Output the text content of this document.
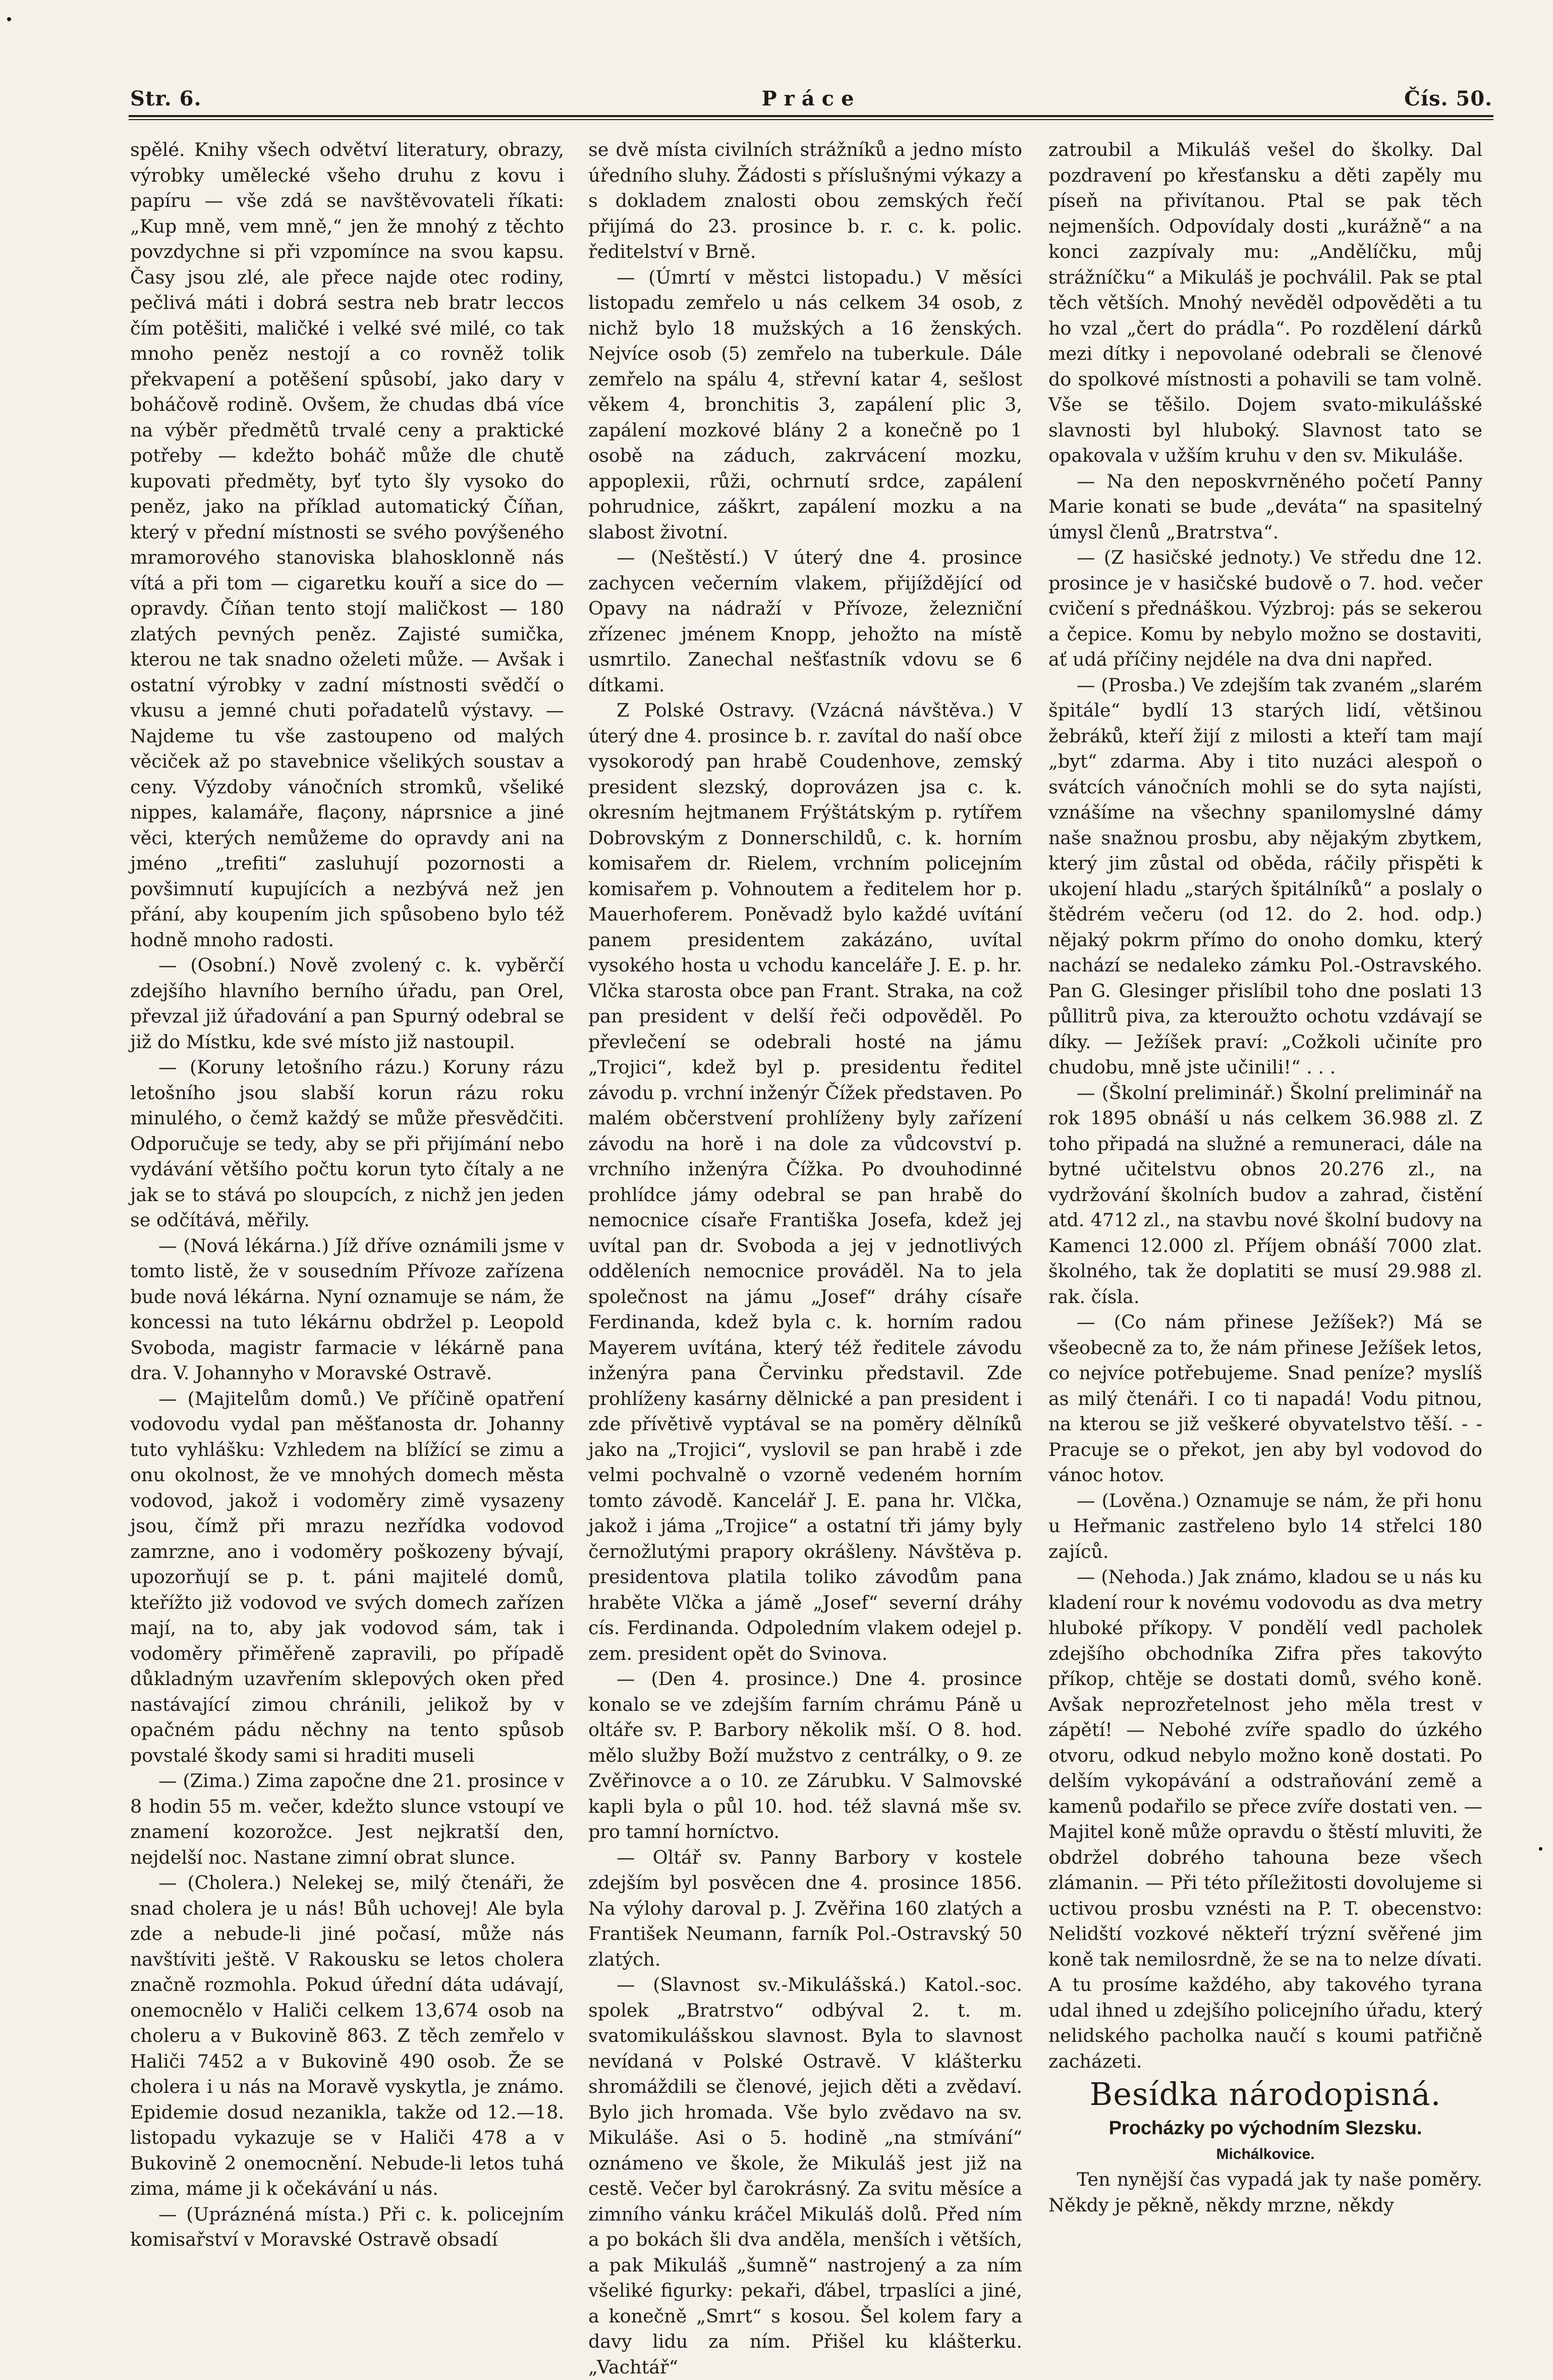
Str. 6.	Práce	Čís. 50.

spělé. Knihy všech odvětví literatury, obrazy, výrobky umělecké všeho druhu z kovu i papíru — vše zdá se navštěvovateli říkati: „Kup mně, vem mně,“ jen že mnohý z těchto povzdychne si při vzpomínce na svou kapsu. Časy jsou zlé, ale přece najde otec rodiny, pečlivá máti i dobrá sestra neb bratr leccos čím potěšiti, maličké i velké své milé, co tak mnoho peněz nestojí a co rovněž tolik překvapení a potěšení spůsobí, jako dary v boháčově rodině. Ovšem, že chudas dbá více na výběr předmětů trvalé ceny a praktické potřeby — kdežto boháč může dle chutě kupovati předměty, byť tyto šly vysoko do peněz, jako na příklad automatický Číňan, který v přední místnosti se svého povýšeného mramorového stanoviska blahosklonně nás vítá a při tom — cigaretku kouří a sice do — opravdy. Číňan tento stojí maličkost — 180 zlatých pevných peněz. Zajisté sumička, kterou ne tak snadno oželeti může. — Avšak i ostatní výrobky v zadní místnosti svědčí o vkusu a jemné chuti pořadatelů výstavy. — Najdeme tu vše zastoupeno od malých věciček až po stavebnice všelikých soustav a ceny. Výzdoby vánočních stromků, všeliké nippes, kalamáře, flaçony, náprsnice a jiné věci, kterých nemůžeme do opravdy ani na jméno „trefiti“ zasluhují pozornosti a povšimnutí kupujících a nezbývá než jen přání, aby koupením jich spůsobeno bylo též hodně mnoho radosti.

— (Osobní.) Nově zvolený c. k. vyběrčí zdejšího hlavního berního úřadu, pan Orel, převzal již úřadování a pan Spurný odebral se již do Místku, kde své místo již nastoupil.

— (Koruny letošního rázu.) Koruny rázu letošního jsou slabší korun rázu roku minulého, o čemž každý se může přesvědčiti. Odporučuje se tedy, aby se při přijímání nebo vydávání většího počtu korun tyto čítaly a ne jak se to stává po sloupcích, z nichž jen jeden se odčítává, měřily.

— (Nová lékárna.) Jíž dříve oznámili jsme v tomto listě, že v sousedním Přívoze zařízena bude nová lékárna. Nyní oznamuje se nám, že koncessi na tuto lékárnu obdržel p. Leopold Svoboda, magistr farmacie v lékárně pana dra. V. Johannyho v Moravské Ostravě.

— (Majitelům domů.) Ve příčině opatření vodovodu vydal pan měšťanosta dr. Johanny tuto vyhlášku: Vzhledem na blížící se zimu a onu okolnost, že ve mnohých domech města vodovod, jakož i vodoměry zimě vysazeny jsou, čímž při mrazu nezřídka vodovod zamrzne, ano i vodoměry poškozeny bývají, upozorňují se p. t. páni majitelé domů, kteřížto již vodovod ve svých domech zařízen mají, na to, aby jak vodovod sám, tak i vodoměry přiměřeně zapravili, po případě důkladným uzavřením sklepových oken před nastávající zimou chránili, jelikož by v opačném pádu něchny na tento spůsob povstalé škody sami si hraditi museli

— (Zima.) Zima započne dne 21. prosince v 8 hodin 55 m. večer, kdežto slunce vstoupí ve znamení kozorožce. Jest nejkratší den, nejdelší noc. Nastane zimní obrat slunce.

— (Cholera.) Nelekej se, milý čtenáři, že snad cholera je u nás! Bůh uchovej! Ale byla zde a nebude-li jiné počasí, může nás navštíviti ještě. V Rakousku se letos cholera značně rozmohla. Pokud úřední dáta udávají, onemocnělo v Haliči celkem 13,674 osob na choleru a v Bukovině 863. Z těch zemřelo v Haliči 7452 a v Bukovině 490 osob. Že se cholera i u nás na Moravě vyskytla, je známo. Epidemie dosud nezanikla, takže od 12.—18. listopadu vykazuje se v Haliči 478 a v Bukovině 2 onemocnění. Nebude-li letos tuhá zima, máme ji k očekávání u nás.

— (Upráznéná místa.) Při c. k. policejním komisařství v Moravské Ostravě obsadí

se dvě místa civilních strážníků a jedno místo úředního sluhy. Žádosti s příslušnými výkazy a s dokladem znalosti obou zemských řečí přijímá do 23. prosince b. r. c. k. polic. ředitelství v Brně.

— (Úmrtí v městci listopadu.) V měsíci listopadu zemřelo u nás celkem 34 osob, z nichž bylo 18 mužských a 16 ženských. Nejvíce osob (5) zemřelo na tuberkule. Dále zemřelo na spálu 4, střevní katar 4, sešlost věkem 4, bronchitis 3, zapálení plic 3, zapálení mozkové blány 2 a konečně po 1 osobě na záduch, zakrvácení mozku, appoplexii, růži, ochrnutí srdce, zapálení pohrudnice, záškrt, zapálení mozku a na slabost životní.

— (Neštěstí.) V úterý dne 4. prosince zachycen večerním vlakem, přijíždějící od Opavy na nádraží v Přívoze, železniční zřízenec jménem Knopp, jehožto na místě usmrtilo. Zanechal nešťastník vdovu se 6 dítkami.

Z Polské Ostravy. (Vzácná návštěva.) V úterý dne 4. prosince b. r. zavítal do naší obce vysokorodý pan hrabě Coudenhove, zemský president slezský, doprovázen jsa c. k. okresním hejtmanem Frýštátským p. rytířem Dobrovským z Donnerschildů, c. k. horním komisařem dr. Rielem, vrchním policejním komisařem p. Vohnoutem a ředitelem hor p. Mauerhoferem. Poněvadž bylo každé uvítání panem presidentem zakázáno, uvítal vysokého hosta u vchodu kanceláře J. E. p. hr. Vlčka starosta obce pan Frant. Straka, na což pan president v delší řeči odpověděl. Po převlečení se odebrali hosté na jámu „Trojici“, kdež byl p. presidentu ředitel závodu p. vrchní inženýr Čížek představen. Po malém občerstvení prohlíženy byly zařízení závodu na horě i na dole za vůdcovství p. vrchního inženýra Čížka. Po dvouhodinné prohlídce jámy odebral se pan hrabě do nemocnice císaře Františka Josefa, kdež jej uvítal pan dr. Svoboda a jej v jednotlivých odděleních nemocnice prováděl. Na to jela společnost na jámu „Josef“ dráhy císaře Ferdinanda, kdež byla c. k. horním radou Mayerem uvítána, který též ředitele závodu inženýra pana Červinku představil. Zde prohlíženy kasárny dělnické a pan president i zde přívětivě vyptával se na poměry dělníků jako na „Trojici“, vyslovil se pan hrabě i zde velmi pochvalně o vzorně vedeném horním tomto závodě. Kancelář J. E. pana hr. Vlčka, jakož i jáma „Trojice“ a ostatní tři jámy byly černožlutými prapory okrášleny. Návštěva p. presidentova platila toliko závodům pana hraběte Vlčka a jámě „Josef“ severní dráhy cís. Ferdinanda. Odpoledním vlakem odejel p. zem. president opět do Svinova.

— (Den 4. prosince.) Dne 4. prosince konalo se ve zdejším farním chrámu Páně u oltáře sv. P. Barbory několik mší. O 8. hod. mělo služby Boží mužstvo z centrálky, o 9. ze Zvěřinovce a o 10. ze Zárubku. V Salmovské kapli byla o půl 10. hod. též slavná mše sv. pro tamní horníctvo.

— Oltář sv. Panny Barbory v kostele zdejším byl posvěcen dne 4. prosince 1856. Na výlohy daroval p. J. Zvěřina 160 zlatých a František Neumann, farník Pol.-Ostravský 50 zlatých.

— (Slavnost sv.-Mikulášská.) Katol.-soc. spolek „Bratrstvo“ odbýval 2. t. m. svatomikulášskou slavnost. Byla to slavnost nevídaná v Polské Ostravě. V klášterku shromáždili se členové, jejich děti a zvědaví. Bylo jich hromada. Vše bylo zvědavo na sv. Mikuláše. Asi o 5. hodině „na stmívání“ oznámeno ve škole, že Mikuláš jest již na cestě. Večer byl čarokrásný. Za svitu měsíce a zimního vánku kráčel Mikuláš dolů. Před ním a po bokách šli dva anděla, menších i větších, a pak Mikuláš „šumně“ nastrojený a za ním všeliké figurky: pekaři, ďábel, trpaslíci a jiné, a konečně „Smrt“ s kosou. Šel kolem fary a davy lidu za ním. Přišel ku klášterku. „Vachtář“

zatroubil a Mikuláš vešel do školky. Dal pozdravení po křesťansku a děti zapěly mu píseň na přivítanou. Ptal se pak těch nejmenších. Odpovídaly dosti „kurážně“ a na konci zazpívaly mu: „Andělíčku, můj strážníčku“ a Mikuláš je pochválil. Pak se ptal těch větších. Mnohý nevěděl odpověděti a tu ho vzal „čert do prádla“. Po rozdělení dárků mezi dítky i nepovolané odebrali se členové do spolkové místnosti a pohavili se tam volně. Vše se těšilo. Dojem svato-mikulášské slavnosti byl hluboký. Slavnost tato se opakovala v užším kruhu v den sv. Mikuláše.

— Na den neposkvrněného početí Panny Marie konati se bude „deváta“ na spasitelný úmysl členů „Bratrstva“.

— (Z hasičské jednoty.) Ve středu dne 12. prosince je v hasičské budově o 7. hod. večer cvičení s přednáškou. Výzbroj: pás se sekerou a čepice. Komu by nebylo možno se dostaviti, ať udá příčiny nejdéle na dva dni napřed.

— (Prosba.) Ve zdejším tak zvaném „slarém špitále“ bydlí 13 starých lidí, většinou žebráků, kteří žijí z milosti a kteří tam mají „byt“ zdarma. Aby i tito nuzáci alespoň o svátcích vánočních mohli se do syta najísti, vznášíme na všechny spanilomyslné dámy naše snažnou prosbu, aby nějakým zbytkem, který jim zůstal od oběda, ráčily přispěti k ukojení hladu „starých špitálníků“ a poslaly o štědrém večeru (od 12. do 2. hod. odp.) nějaký pokrm přímo do onoho domku, který nachází se nedaleko zámku Pol.-Ostravského. Pan G. Glesinger přislíbil toho dne poslati 13 půllitrů piva, za kteroužto ochotu vzdávají se díky. — Ježíšek praví: „Cožkoli učiníte pro chudobu, mně jste učinili!“ . . .

— (Školní preliminář.) Školní preliminář na rok 1895 obnáší u nás celkem 36.988 zl. Z toho připadá na služné a remuneraci, dále na bytné učitelstvu obnos 20.276 zl., na vydržování školních budov a zahrad, čistění atd. 4712 zl., na stavbu nové školní budovy na Kamenci 12.000 zl. Příjem obnáší 7000 zlat. školného, tak že doplatiti se musí 29.988 zl. rak. čísla.

— (Co nám přinese Ježíšek?) Má se všeobecně za to, že nám přinese Ježíšek letos, co nejvíce potřebujeme. Snad peníze? myslíš as milý čtenáři. I co ti napadá! Vodu pitnou, na kterou se již veškeré obyvatelstvo těší. - - Pracuje se o překot, jen aby byl vodovod do vánoc hotov.

— (Lověna.) Oznamuje se nám, že při honu u Heřmanic zastřeleno bylo 14 střelci 180 zajíců.

— (Nehoda.) Jak známo, kladou se u nás ku kladení rour k novému vodovodu as dva metry hluboké příkopy. V pondělí vedl pacholek zdejšího obchodníka Zifra přes takovýto příkop, chtěje se dostati domů, svého koně. Avšak neprozřetelnost jeho měla trest v zápětí! — Nebohé zvíře spadlo do úzkého otvoru, odkud nebylo možno koně dostati. Po delším vykopávání a odstraňování země a kamenů podařilo se přece zvíře dostati ven. — Majitel koně může opravdu o štěstí mluviti, že obdržel dobrého tahouna beze všech zlámanin. — Při této příležitosti dovolujeme si uctivou prosbu vznésti na P. T. obecenstvo: Nelidští vozkové někteří trýzní svěřené jim koně tak nemilosrdně, že se na to nelze dívati. A tu prosíme každého, aby takového tyrana udal ihned u zdejšího policejního úřadu, který nelidského pacholka naučí s koumi patřičně zacházeti.

Besídka národopisná.

Procházky po východním Slezsku.

Michálkovice.

Ten nynější čas vypadá jak ty naše poměry. Někdy je pěkně, někdy mrzne, někdy
